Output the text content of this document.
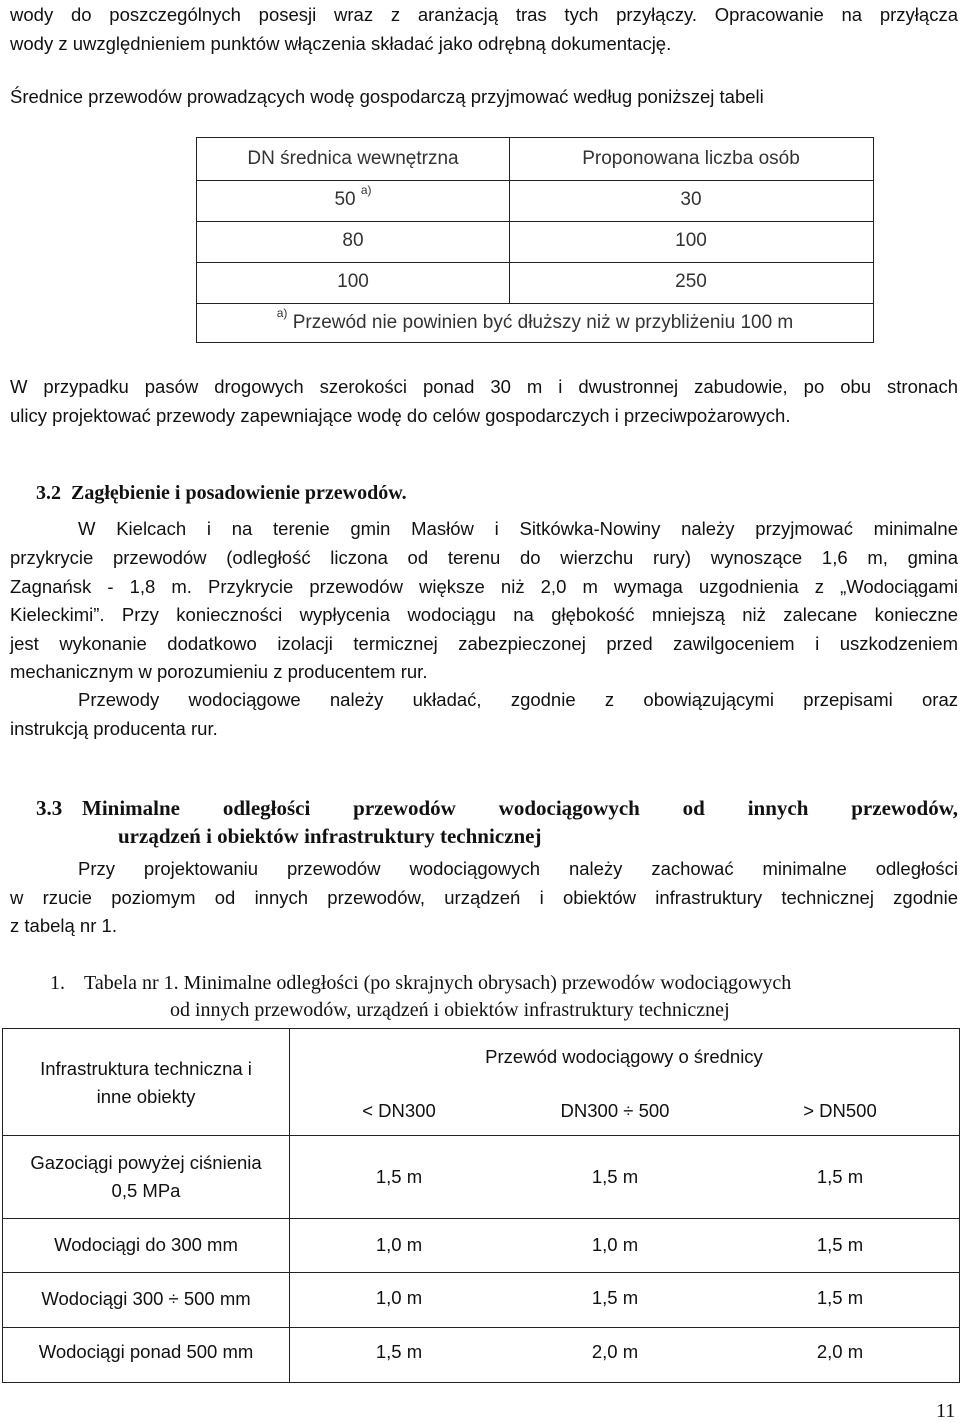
wody do poszczególnych posesji wraz z aranżacją tras tych przyłączy. Opracowanie na przyłącza
wody z uwzględnieniem punktów włączenia składać jako odrębną dokumentację.
Średnice przewodów prowadzących wodę gospodarczą przyjmować według poniższej tabeli
DN średnica wewnętrzna	Proponowana liczba osób
50 $^{a)}$	30
80	100
100	250
$^{a)}$ Przewód nie powinien być dłuższy niż w przybliżeniu 100 m
W przypadku pasów drogowych szerokości ponad 30 m i dwustronnej zabudowie, po obu stronach
ulicy projektować przewody zapewniające wodę do celów gospodarczych i przeciwpożarowych.
3.2 Zagłębienie i posadowienie przewodów.
W Kielcach i na terenie gmin Masłów i Sitkówka-Nowiny należy przyjmować minimalne
przykrycie przewodów (odległość liczona od terenu do wierzchu rury) wynoszące 1,6 m, gmina
Zagnańsk - 1,8 m. Przykrycie przewodów większe niż 2,0 m wymaga uzgodnienia z „Wodociągami
Kieleckimi”. Przy konieczności wypłycenia wodociągu na głębokość mniejszą niż zalecane konieczne
jest wykonanie dodatkowo izolacji termicznej zabezpieczonej przed zawilgoceniem i uszkodzeniem
mechanicznym w porozumieniu z producentem rur.
Przewody wodociągowe należy układać, zgodnie z obowiązującymi przepisami oraz
instrukcją producenta rur.
3.3 Minimalne odległości przewodów wodociągowych od innych przewodów,
urządzeń i obiektów infrastruktury technicznej
Przy projektowaniu przewodów wodociągowych należy zachować minimalne odległości
w rzucie poziomym od innych przewodów, urządzeń i obiektów infrastruktury technicznej zgodnie
z tabelą nr 1.
1. Tabela nr 1. Minimalne odległości (po skrajnych obrysach) przewodów wodociągowych
od innych przewodów, urządzeń i obiektów infrastruktury technicznej
Infrastruktura techniczna i
inne obiekty
Przewód wodociągowy o średnicy
< DN300	DN300 ÷ 500	> DN500
Gazociągi powyżej ciśnienia
0,5 MPa
1,5 m	1,5 m	1,5 m
Wodociągi do 300 mm	1,0 m	1,0 m	1,5 m
Wodociągi 300 ÷ 500 mm	1,0 m	1,5 m	1,5 m
Wodociągi ponad 500 mm	1,5 m	2,0 m	2,0 m
11
